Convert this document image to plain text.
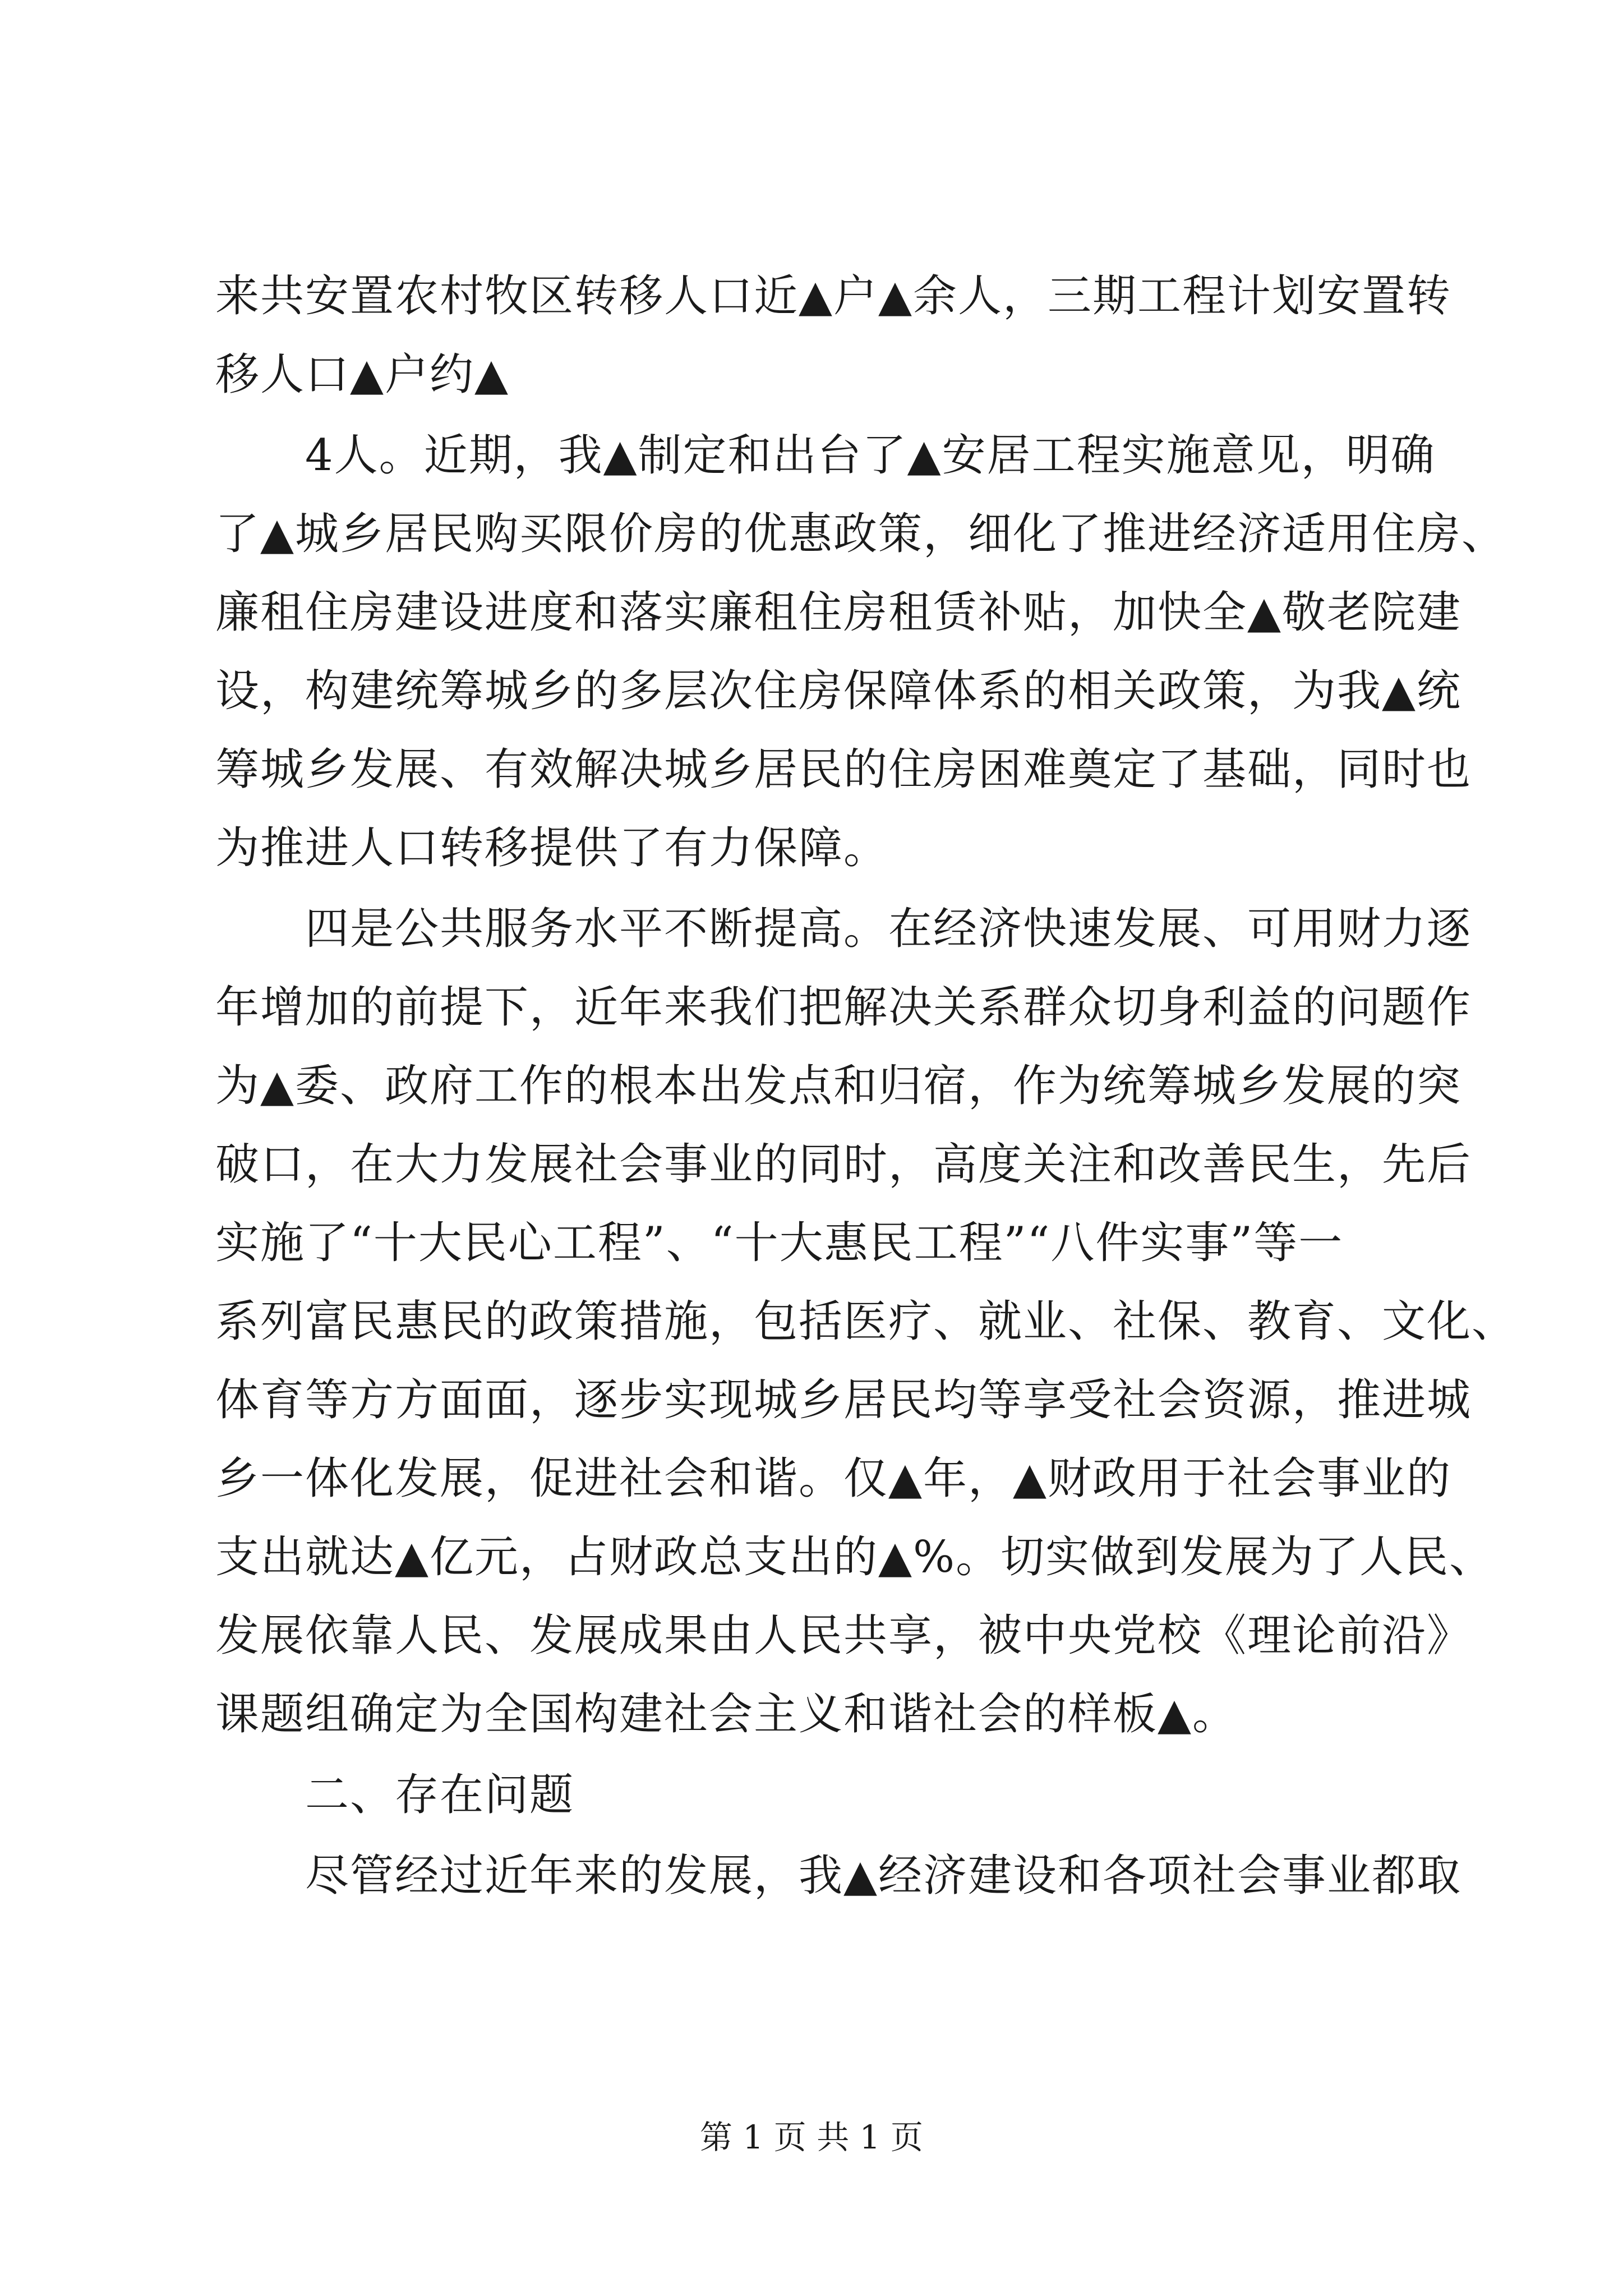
来共安置农村牧区转移人口近▲户▲余人，三期工程计划安置转
移人口▲户约▲
　　4人。近期，我▲制定和出台了▲安居工程实施意见，明确
了▲城乡居民购买限价房的优惠政策，细化了推进经济适用住房、
廉租住房建设进度和落实廉租住房租赁补贴，加快全▲敬老院建
设，构建统筹城乡的多层次住房保障体系的相关政策，为我▲统
筹城乡发展、有效解决城乡居民的住房困难奠定了基础，同时也
为推进人口转移提供了有力保障。
　　四是公共服务水平不断提高。在经济快速发展、可用财力逐
年增加的前提下，近年来我们把解决关系群众切身利益的问题作
为▲委、政府工作的根本出发点和归宿，作为统筹城乡发展的突
破口，在大力发展社会事业的同时，高度关注和改善民生，先后
实施了“十大民心工程”、“十大惠民工程”“八件实事”等一
系列富民惠民的政策措施，包括医疗、就业、社保、教育、文化、
体育等方方面面，逐步实现城乡居民均等享受社会资源，推进城
乡一体化发展，促进社会和谐。仅▲年，▲财政用于社会事业的
支出就达▲亿元，占财政总支出的▲%。切实做到发展为了人民、
发展依靠人民、发展成果由人民共享，被中央党校《理论前沿》
课题组确定为全国构建社会主义和谐社会的样板▲。
　　二、存在问题
　　尽管经过近年来的发展，我▲经济建设和各项社会事业都取
第 1 页 共 1 页
